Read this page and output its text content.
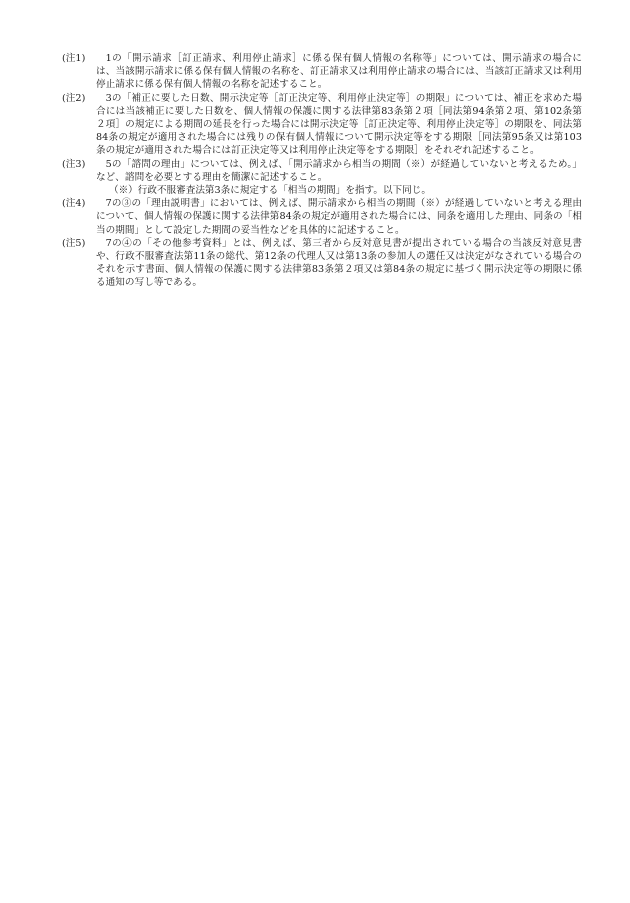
(注1)	1の「開示請求［訂正請求、利用停止請求］に係る保有個人情報の名称等」については、開示請求の場合には、当該開示請求に係る保有個人情報の名称を、訂正請求又は利用停止請求の場合には、当該訂正請求又は利用停止請求に係る保有個人情報の名称を記述すること。
(注2)	3の「補正に要した日数、開示決定等［訂正決定等、利用停止決定等］の期限」については、補正を求めた場合には当該補正に要した日数を、個人情報の保護に関する法律第83条第２項［同法第94条第２項、第102条第２項］の規定による期間の延長を行った場合には開示決定等［訂正決定等、利用停止決定等］の期限を、同法第84条の規定が適用された場合には残りの保有個人情報について開示決定等をする期限［同法第95条又は第103条の規定が適用された場合には訂正決定等又は利用停止決定等をする期限］をそれぞれ記述すること。
(注3)	5の「諮問の理由」については、例えば、「開示請求から相当の期間（※）が経過していないと考えるため。」など、諮問を必要とする理由を簡潔に記述すること。
（※）行政不服審査法第3条に規定する「相当の期間」を指す。以下同じ。
(注4)	7の③の「理由説明書」においては、例えば、開示請求から相当の期間（※）が経過していないと考える理由について、個人情報の保護に関する法律第84条の規定が適用された場合には、同条を適用した理由、同条の「相当の期間」として設定した期間の妥当性などを具体的に記述すること。
(注5)	7の④の「その他参考資料」とは、例えば、第三者から反対意見書が提出されている場合の当該反対意見書や、行政不服審査法第11条の総代、第12条の代理人又は第13条の参加人の選任又は決定がなされている場合のそれを示す書面、個人情報の保護に関する法律第83条第２項又は第84条の規定に基づく開示決定等の期限に係る通知の写し等である。
